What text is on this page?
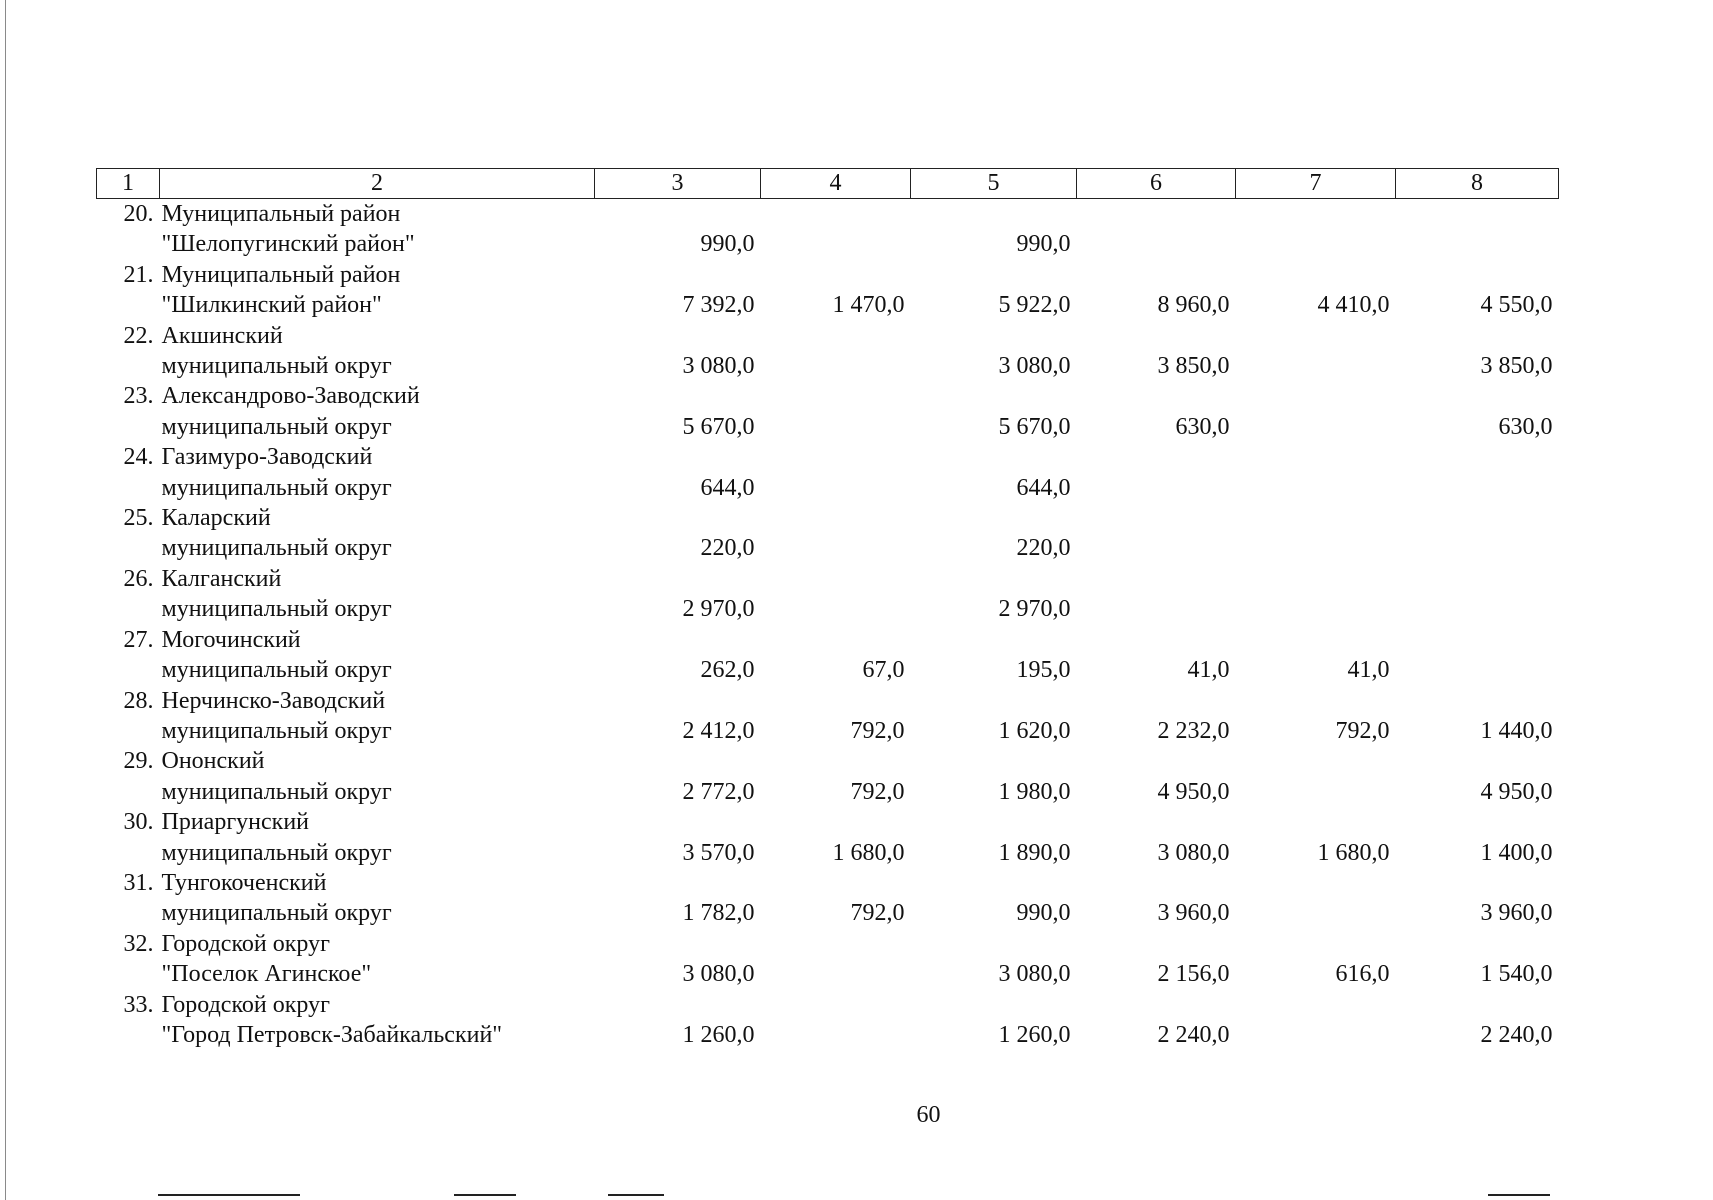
1	2	3	4	5	6	7	8
20.	Муниципальный район						
	"Шелопугинский район"	990,0		990,0			
21.	Муниципальный район						
	"Шилкинский район"	7 392,0	1 470,0	5 922,0	8 960,0	4 410,0	4 550,0
22.	Акшинский						
	муниципальный округ	3 080,0		3 080,0	3 850,0		3 850,0
23.	Александрово-Заводский						
	муниципальный округ	5 670,0		5 670,0	630,0		630,0
24.	Газимуро-Заводский						
	муниципальный округ	644,0		644,0			
25.	Каларский						
	муниципальный округ	220,0		220,0			
26.	Калганский						
	муниципальный округ	2 970,0		2 970,0			
27.	Могочинский						
	муниципальный округ	262,0	67,0	195,0	41,0	41,0	
28.	Нерчинско-Заводский						
	муниципальный округ	2 412,0	792,0	1 620,0	2 232,0	792,0	1 440,0
29.	Ононский						
	муниципальный округ	2 772,0	792,0	1 980,0	4 950,0		4 950,0
30.	Приаргунский						
	муниципальный округ	3 570,0	1 680,0	1 890,0	3 080,0	1 680,0	1 400,0
31.	Тунгокоченский						
	муниципальный округ	1 782,0	792,0	990,0	3 960,0		3 960,0
32.	Городской округ						
	"Поселок Агинское"	3 080,0		3 080,0	2 156,0	616,0	1 540,0
33.	Городской округ						
	"Город Петровск-Забайкальский"	1 260,0		1 260,0	2 240,0		2 240,0
60
